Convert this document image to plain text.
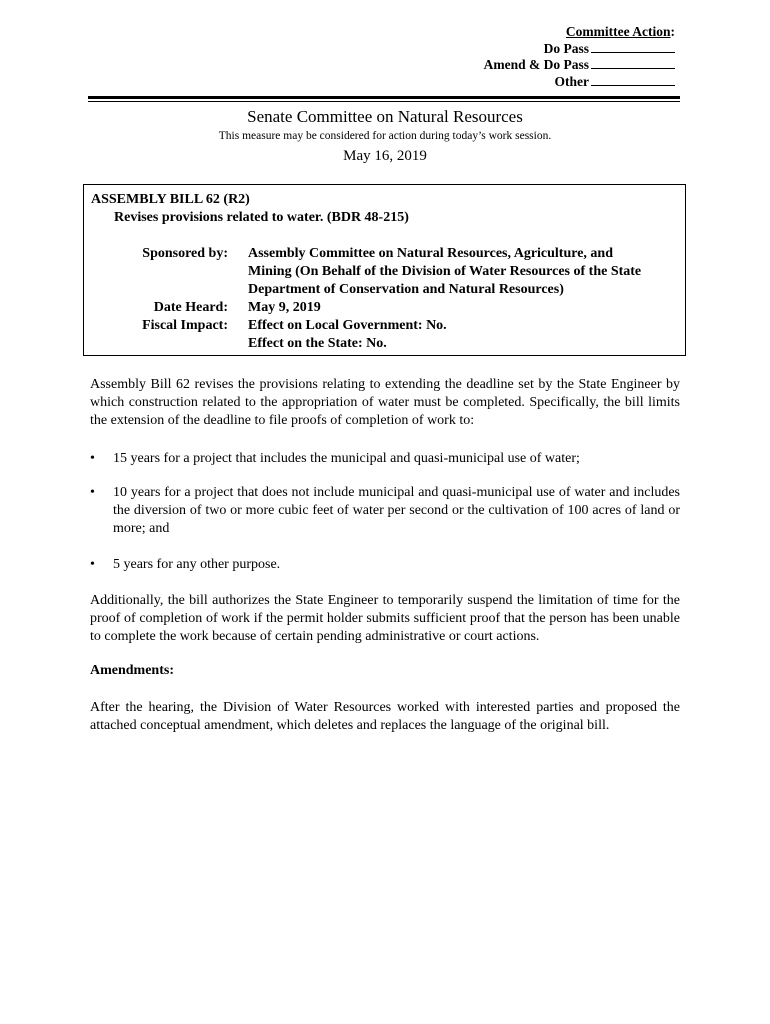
Committee Action:
Do Pass
Amend & Do Pass
Other
Senate Committee on Natural Resources
This measure may be considered for action during today’s work session.
May 16, 2019
ASSEMBLY BILL 62 (R2)
Revises provisions related to water. (BDR 48-215)
Sponsored by: Assembly Committee on Natural Resources, Agriculture, and
Mining (On Behalf of the Division of Water Resources of the State
Department of Conservation and Natural Resources)
Date Heard: May 9, 2019
Fiscal Impact: Effect on Local Government: No.
Effect on the State: No.
Assembly Bill 62 revises the provisions relating to extending the deadline set by the State Engineer by which construction related to the appropriation of water must be completed. Specifically, the bill limits the extension of the deadline to file proofs of completion of work to:
• 15 years for a project that includes the municipal and quasi-municipal use of water;
• 10 years for a project that does not include municipal and quasi-municipal use of water and includes the diversion of two or more cubic feet of water per second or the cultivation of 100 acres of land or more; and
• 5 years for any other purpose.
Additionally, the bill authorizes the State Engineer to temporarily suspend the limitation of time for the proof of completion of work if the permit holder submits sufficient proof that the person has been unable to complete the work because of certain pending administrative or court actions.
Amendments:
After the hearing, the Division of Water Resources worked with interested parties and proposed the attached conceptual amendment, which deletes and replaces the language of the original bill.
